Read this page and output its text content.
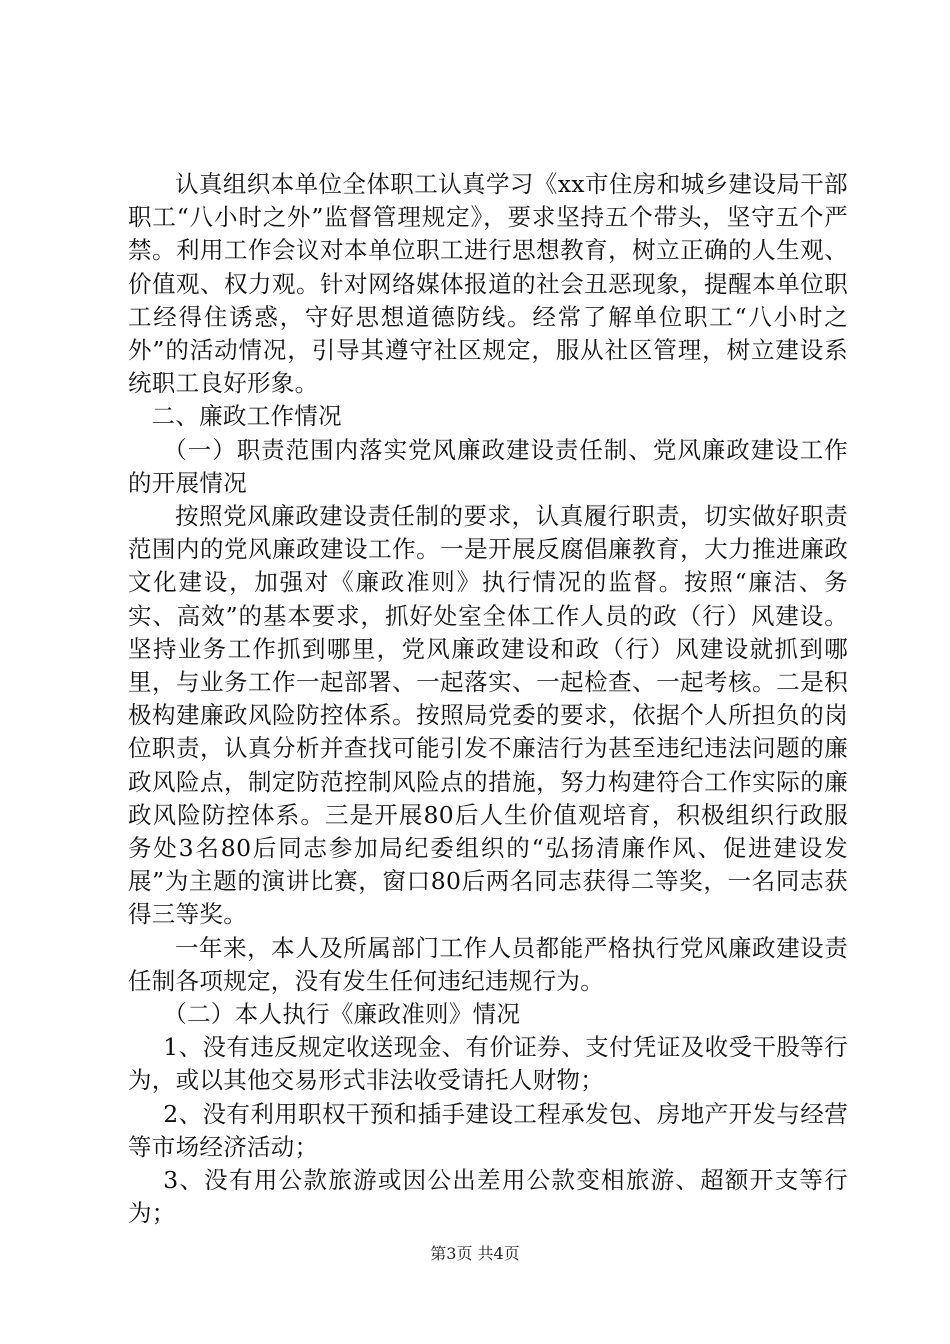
认真组织本单位全体职工认真学习《xx市住房和城乡建设局干部职工“八小时之外”监督管理规定》，要求坚持五个带头，坚守五个严禁。利用工作会议对本单位职工进行思想教育，树立正确的人生观、价值观、权力观。针对网络媒体报道的社会丑恶现象，提醒本单位职工经得住诱惑，守好思想道德防线。经常了解单位职工“八小时之外”的活动情况，引导其遵守社区规定，服从社区管理，树立建设系统职工良好形象。

二、廉政工作情况

（一）职责范围内落实党风廉政建设责任制、党风廉政建设工作的开展情况

按照党风廉政建设责任制的要求，认真履行职责，切实做好职责范围内的党风廉政建设工作。一是开展反腐倡廉教育，大力推进廉政文化建设，加强对《廉政准则》执行情况的监督。按照“廉洁、务实、高效”的基本要求，抓好处室全体工作人员的政（行）风建设。坚持业务工作抓到哪里，党风廉政建设和政（行）风建设就抓到哪里，与业务工作一起部署、一起落实、一起检查、一起考核。二是积极构建廉政风险防控体系。按照局党委的要求，依据个人所担负的岗位职责，认真分析并查找可能引发不廉洁行为甚至违纪违法问题的廉政风险点，制定防范控制风险点的措施，努力构建符合工作实际的廉政风险防控体系。三是开展80后人生价值观培育，积极组织行政服务处3名80后同志参加局纪委组织的“弘扬清廉作风、促进建设发展”为主题的演讲比赛，窗口80后两名同志获得二等奖，一名同志获得三等奖。

一年来，本人及所属部门工作人员都能严格执行党风廉政建设责任制各项规定，没有发生任何违纪违规行为。

（二）本人执行《廉政准则》情况

1、没有违反规定收送现金、有价证券、支付凭证及收受干股等行为，或以其他交易形式非法收受请托人财物；

2、没有利用职权干预和插手建设工程承发包、房地产开发与经营等市场经济活动；

3、没有用公款旅游或因公出差用公款变相旅游、超额开支等行为；

第3页 共4页
